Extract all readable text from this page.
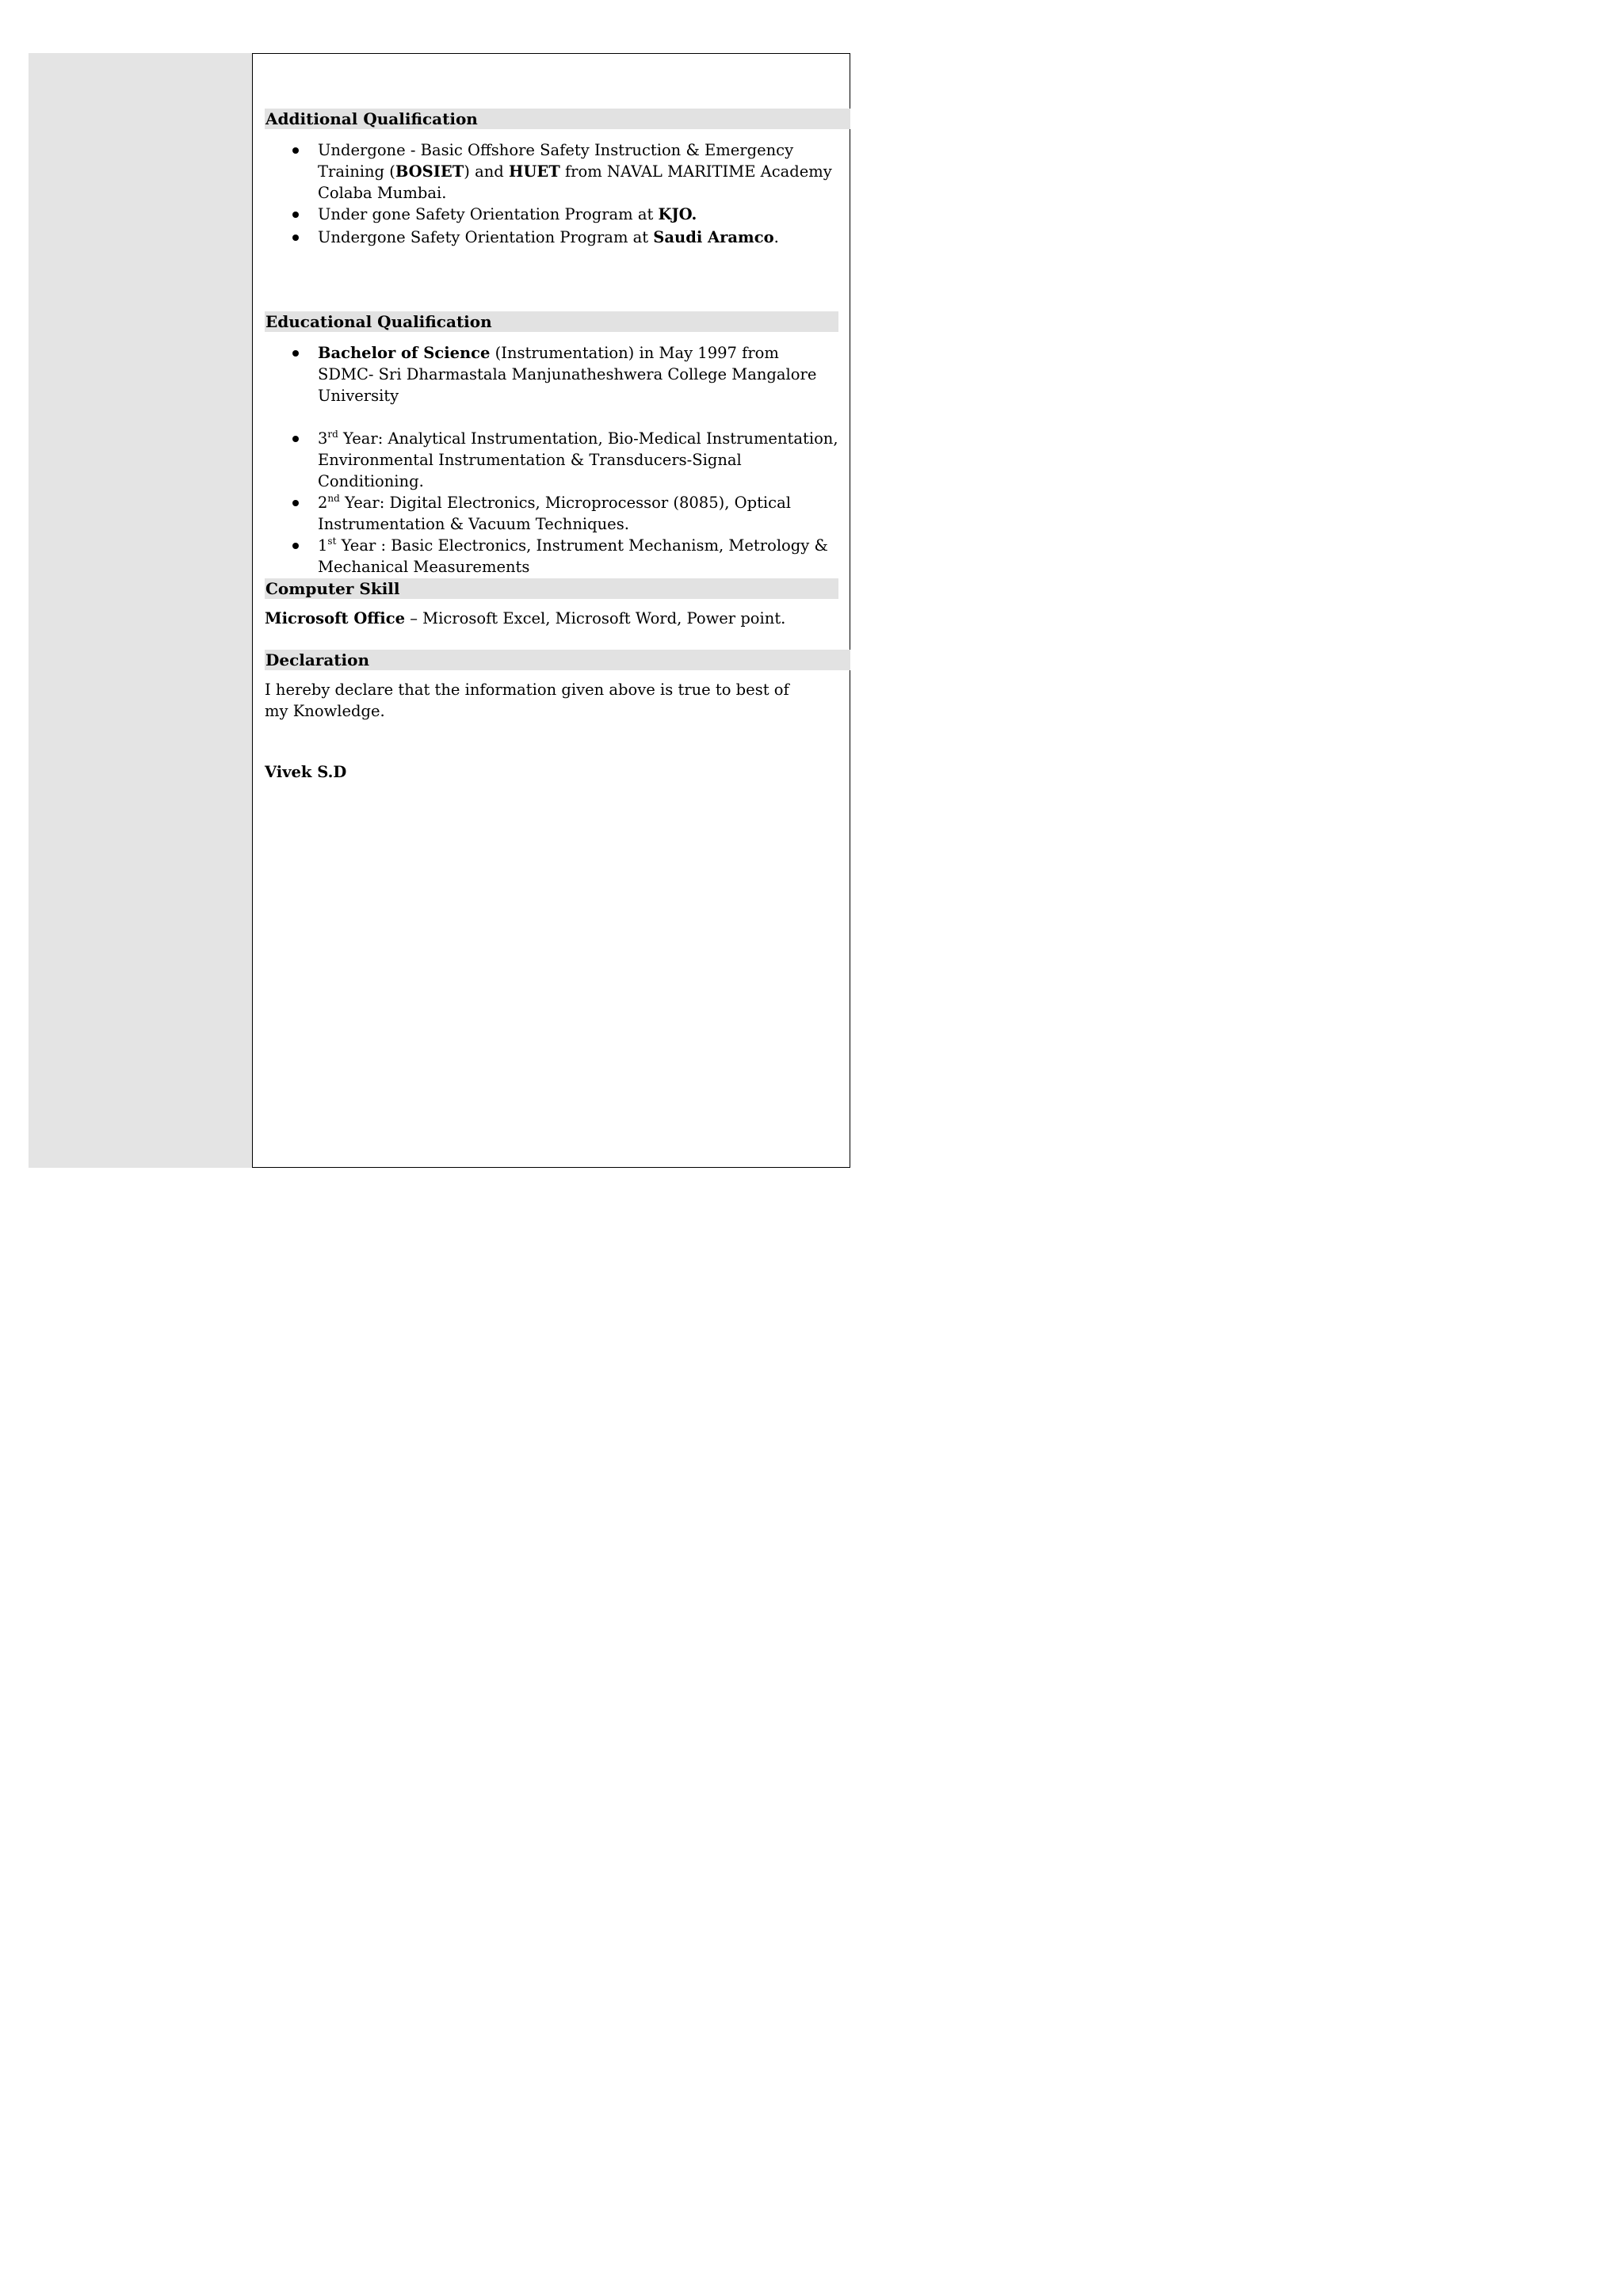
Additional Qualification
Undergone - Basic Offshore Safety Instruction & Emergency Training (BOSIET) and HUET from NAVAL MARITIME Academy Colaba Mumbai.
Under gone Safety Orientation Program at KJO.
Undergone Safety Orientation Program at Saudi Aramco.
Educational Qualification
Bachelor of Science (Instrumentation) in May 1997 from SDMC- Sri Dharmastala Manjunatheshwera College Mangalore University
3rd Year: Analytical Instrumentation, Bio-Medical Instrumentation, Environmental Instrumentation & Transducers-Signal Conditioning.
2nd Year: Digital Electronics, Microprocessor (8085), Optical Instrumentation & Vacuum Techniques.
1st Year : Basic Electronics, Instrument Mechanism, Metrology & Mechanical Measurements
Computer Skill

Microsoft Office – Microsoft Excel, Microsoft Word, Power point.

Declaration

I hereby declare that the information given above is true to best of my Knowledge.

Vivek S.D
